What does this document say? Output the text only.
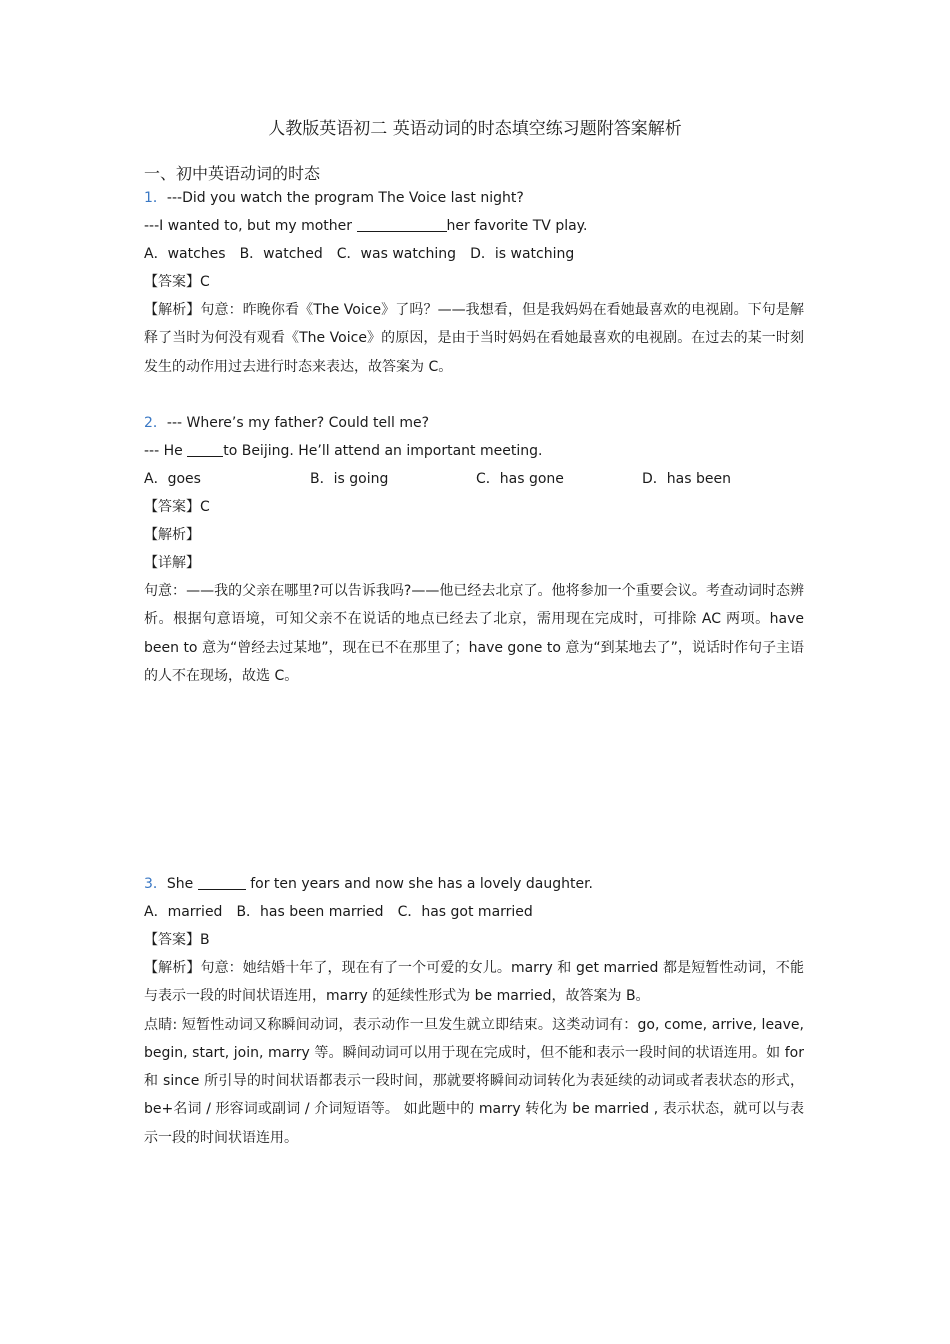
人教版英语初二 英语动词的时态填空练习题附答案解析
一、初中英语动词的时态
1．---Did you watch the program The Voice last night?
---I wanted to, but my mother	her favorite TV play.
A．watches B．watched C．was watching D．is watching
【答案】C
【解析】句意：昨晚你看《The Voice》了吗？——我想看，但是我妈妈在看她最喜欢的电视剧。下句是解释了当时为何没有观看《The Voice》的原因，是由于当时妈妈在看她最喜欢的电视剧。在过去的某一时刻发生的动作用过去进行时态来表达，故答案为 C。
2．--- Where’s my father? Could tell me?
--- He	to Beijing. He’ll attend an important meeting.
A．goes	B．is going	C．has gone	D．has been
【答案】C
【解析】
【详解】
句意：——我的父亲在哪里?可以告诉我吗?——他已经去北京了。他将参加一个重要会议。考查动词时态辨析。根据句意语境，可知父亲不在说话的地点已经去了北京，需用现在完成时，可排除 AC 两项。have been to 意为“曾经去过某地”，现在已不在那里了；have gone to 意为“到某地去了”，说话时作句子主语的人不在现场，故选 C。
3．She	for ten years and now she has a lovely daughter.
A．married B．has been married C．has got married
【答案】B
【解析】句意：她结婚十年了，现在有了一个可爱的女儿。marry 和 get married 都是短暂性动词，不能与表示一段的时间状语连用，marry 的延续性形式为 be married，故答案为 B。
点睛: 短暂性动词又称瞬间动词，表示动作一旦发生就立即结束。这类动词有：go, come, arrive, leave, begin, start, join, marry 等。瞬间动词可以用于现在完成时，但不能和表示一段时间的状语连用。如 for 和 since 所引导的时间状语都表示一段时间，那就要将瞬间动词转化为表延续的动词或者表状态的形式，be+名词 / 形容词或副词 / 介词短语等。 如此题中的 marry 转化为 be married , 表示状态，就可以与表示一段的时间状语连用。
